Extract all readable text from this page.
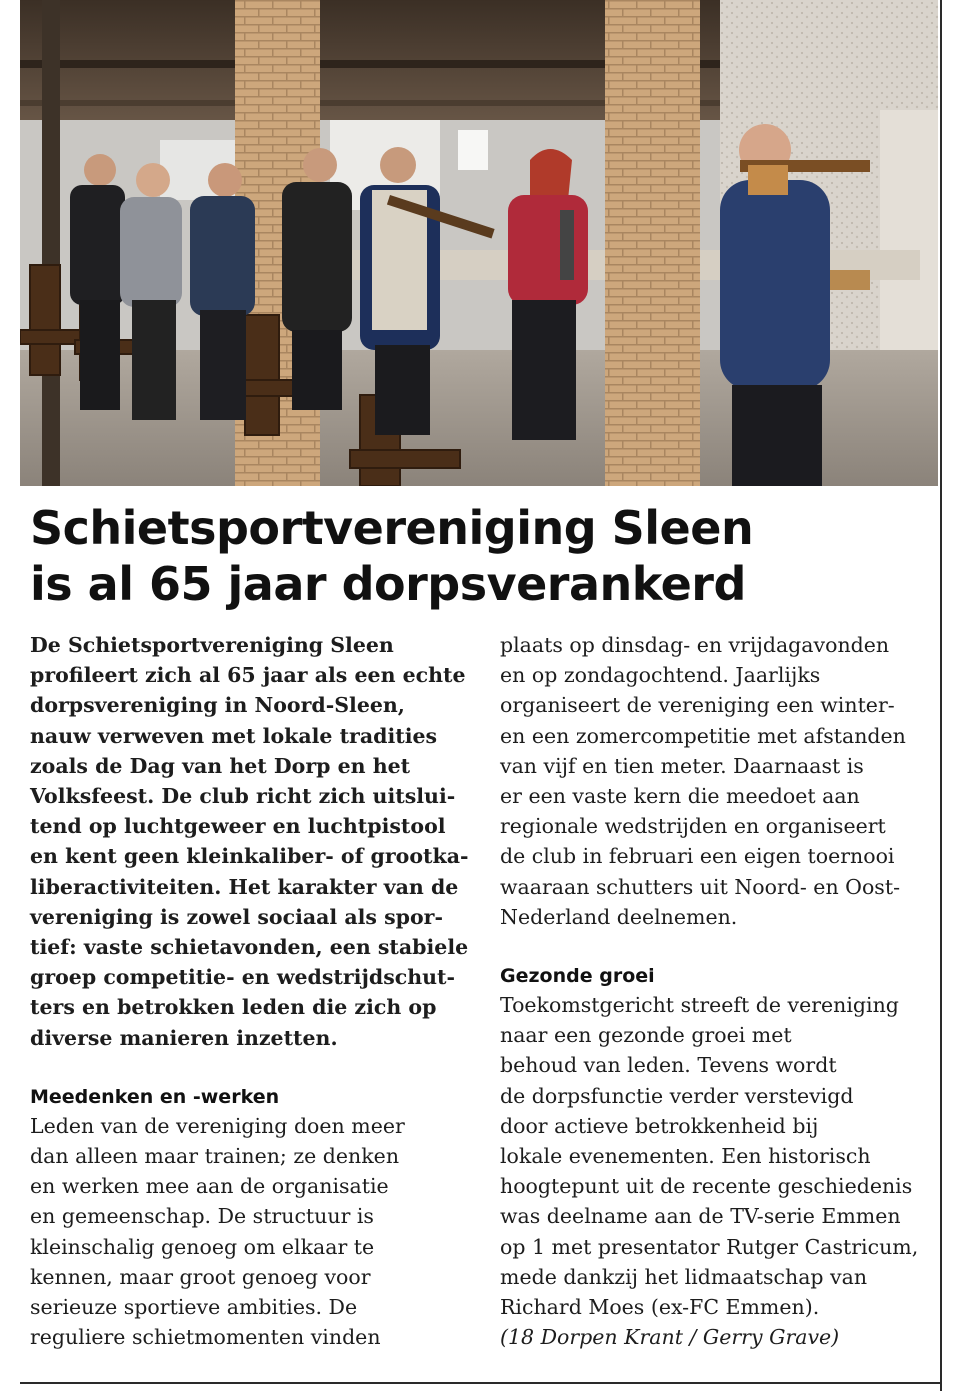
Schietsportvereniging Sleen
is al 65 jaar dorpsverankerd

De Schietsportvereniging Sleen
profileert zich al 65 jaar als een echte
dorpsvereniging in Noord-Sleen,
nauw verweven met lokale tradities
zoals de Dag van het Dorp en het
Volksfeest. De club richt zich uitslui-
tend op luchtgeweer en luchtpistool
en kent geen kleinkaliber- of grootka-
liberactiviteiten. Het karakter van de
vereniging is zowel sociaal als spor-
tief: vaste schietavonden, een stabiele
groep competitie- en wedstrijdschut-
ters en betrokken leden die zich op
diverse manieren inzetten.

Meedenken en -werken

Leden van de vereniging doen meer
dan alleen maar trainen; ze denken
en werken mee aan de organisatie
en gemeenschap. De structuur is
kleinschalig genoeg om elkaar te
kennen, maar groot genoeg voor
serieuze sportieve ambities. De
reguliere schietmomenten vinden

plaats op dinsdag- en vrijdagavonden
en op zondagochtend. Jaarlijks
organiseert de vereniging een winter-
en een zomercompetitie met afstanden
van vijf en tien meter. Daarnaast is
er een vaste kern die meedoet aan
regionale wedstrijden en organiseert
de club in februari een eigen toernooi
waaraan schutters uit Noord- en Oost-
Nederland deelnemen.

Gezonde groei

Toekomstgericht streeft de vereniging
naar een gezonde groei met
behoud van leden. Tevens wordt
de dorpsfunctie verder verstevigd
door actieve betrokkenheid bij
lokale evenementen. Een historisch
hoogtepunt uit de recente geschiedenis
was deelname aan de TV-serie Emmen
op 1 met presentator Rutger Castricum,
mede dankzij het lidmaatschap van
Richard Moes (ex-FC Emmen).

(18 Dorpen Krant / Gerry Grave)
